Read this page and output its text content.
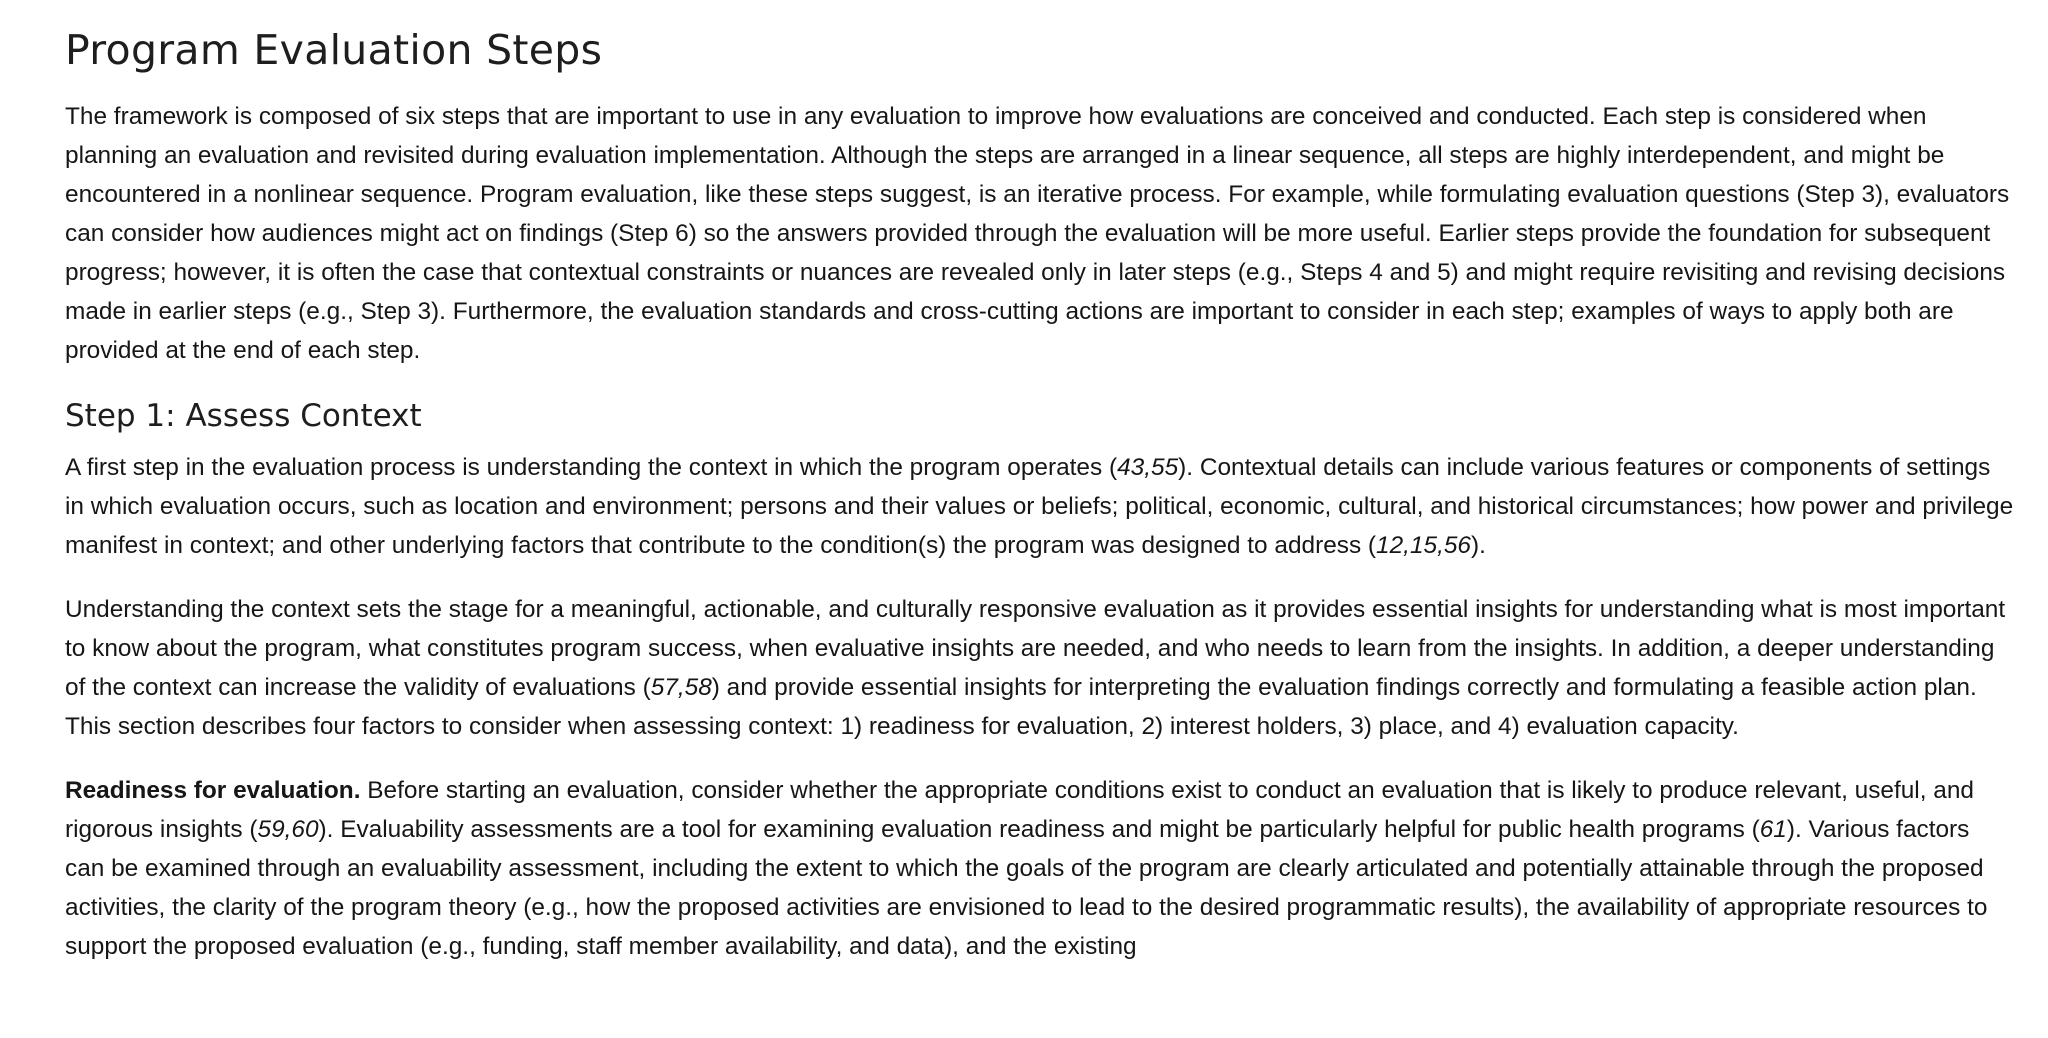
Program Evaluation Steps

The framework is composed of six steps that are important to use in any evaluation to improve how evaluations are conceived and conducted. Each step is considered when planning an evaluation and revisited during evaluation implementation. Although the steps are arranged in a linear sequence, all steps are highly interdependent, and might be encountered in a nonlinear sequence. Program evaluation, like these steps suggest, is an iterative process. For example, while formulating evaluation questions (Step 3), evaluators can consider how audiences might act on findings (Step 6) so the answers provided through the evaluation will be more useful. Earlier steps provide the foundation for subsequent progress; however, it is often the case that contextual constraints or nuances are revealed only in later steps (e.g., Steps 4 and 5) and might require revisiting and revising decisions made in earlier steps (e.g., Step 3). Furthermore, the evaluation standards and cross-cutting actions are important to consider in each step; examples of ways to apply both are provided at the end of each step.

Step 1: Assess Context

A first step in the evaluation process is understanding the context in which the program operates (43,55). Contextual details can include various features or components of settings in which evaluation occurs, such as location and environment; persons and their values or beliefs; political, economic, cultural, and historical circumstances; how power and privilege manifest in context; and other underlying factors that contribute to the condition(s) the program was designed to address (12,15,56).

Understanding the context sets the stage for a meaningful, actionable, and culturally responsive evaluation as it provides essential insights for understanding what is most important to know about the program, what constitutes program success, when evaluative insights are needed, and who needs to learn from the insights. In addition, a deeper understanding of the context can increase the validity of evaluations (57,58) and provide essential insights for interpreting the evaluation findings correctly and formulating a feasible action plan. This section describes four factors to consider when assessing context: 1) readiness for evaluation, 2) interest holders, 3) place, and 4) evaluation capacity.

Readiness for evaluation. Before starting an evaluation, consider whether the appropriate conditions exist to conduct an evaluation that is likely to produce relevant, useful, and rigorous insights (59,60). Evaluability assessments are a tool for examining evaluation readiness and might be particularly helpful for public health programs (61). Various factors can be examined through an evaluability assessment, including the extent to which the goals of the program are clearly articulated and potentially attainable through the proposed activities, the clarity of the program theory (e.g., how the proposed activities are envisioned to lead to the desired programmatic results), the availability of appropriate resources to support the proposed evaluation (e.g., funding, staff member availability, and data), and the existing
